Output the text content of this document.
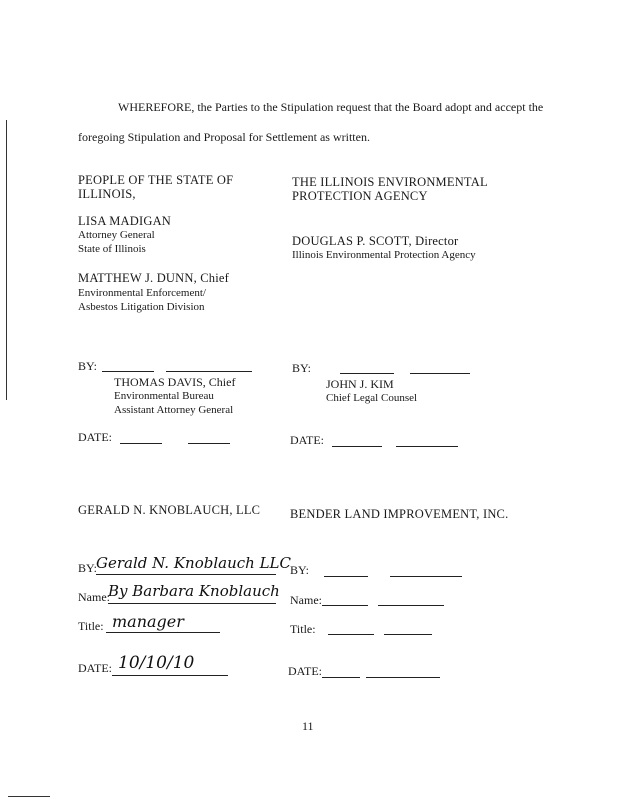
WHEREFORE, the Parties to the Stipulation request that the Board adopt and accept the
foregoing Stipulation and Proposal for Settlement as written.
PEOPLE OF THE STATE OF
ILLINOIS,
LISA MADIGAN
Attorney General
State of Illinois
MATTHEW J. DUNN, Chief
Environmental Enforcement/
Asbestos Litigation Division
THE ILLINOIS ENVIRONMENTAL
PROTECTION AGENCY
DOUGLAS P. SCOTT, Director
Illinois Environmental Protection Agency
BY:
THOMAS DAVIS, Chief
Environmental Bureau
Assistant Attorney General
BY:
JOHN J. KIM
Chief Legal Counsel
DATE:	DATE:
GERALD N. KNOBLAUCH, LLC BENDER LAND IMPROVEMENT, INC.
BY: Gerald N. Knoblauch LLC
Name:
By Barbara Knoblauch
Title: manager
DATE: 10/10/10
BY:
Name:
Title:
DATE:
11
